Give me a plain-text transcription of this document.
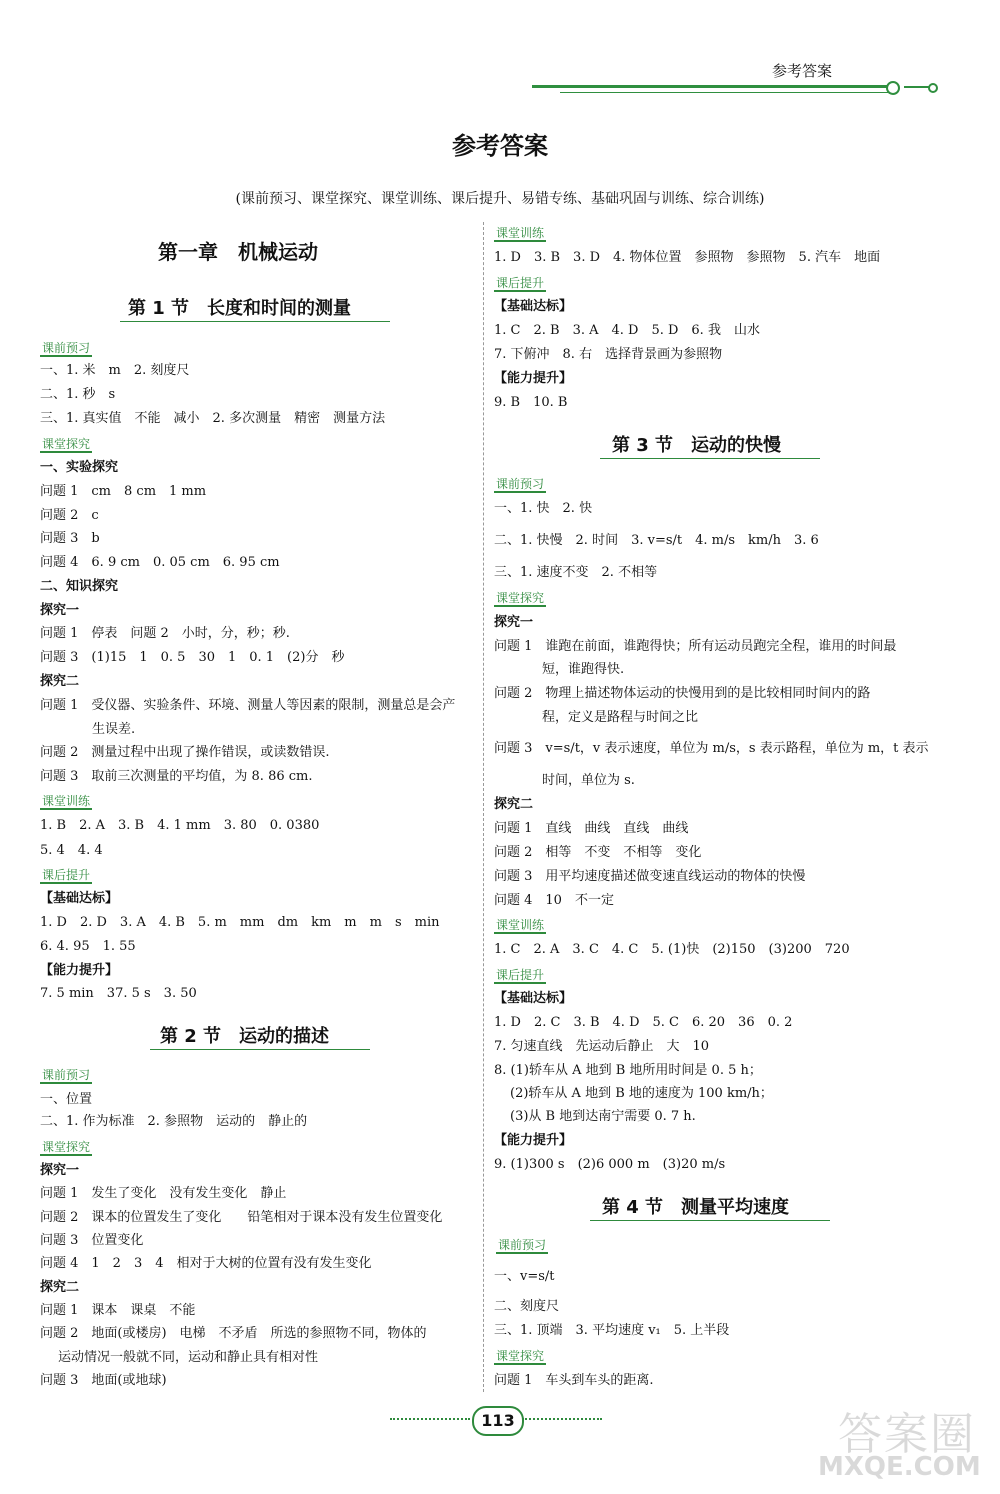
参考答案
参考答案
(课前预习、课堂探究、课堂训练、课后提升、易错专练、基础巩固与训练、综合训练)
第一章　机械运动
第 1 节　长度和时间的测量
课前预习
一、1. 米　m　2. 刻度尺
二、1. 秒　s
三、1. 真实值　不能　减小　2. 多次测量　精密　测量方法
课堂探究
一、实验探究
问题 1　cm　8 cm　1 mm
问题 2　c
问题 3　b
问题 4　6. 9 cm　0. 05 cm　6. 95 cm
二、知识探究
探究一
问题 1　停表　问题 2　小时，分，秒；秒.
问题 3　(1)15　1　0. 5　30　1　0. 1　(2)分　秒
探究二
问题 1　受仪器、实验条件、环境、测量人等因素的限制，测量总是会产
生误差.
问题 2　测量过程中出现了操作错误，或读数错误.
问题 3　取前三次测量的平均值，为 8. 86 cm.
课堂训练
1. B　2. A　3. B　4. 1 mm　3. 80　0. 0380
5. 4　4. 4
课后提升
【基础达标】
1. D　2. D　3. A　4. B　5. m　mm　dm　km　m　m　s　min
6. 4. 95　1. 55
【能力提升】
7. 5 min　37. 5 s　3. 50
第 2 节　运动的描述
课前预习
一、位置
二、1. 作为标准　2. 参照物　运动的　静止的
课堂探究
探究一
问题 1　发生了变化　没有发生变化　静止
问题 2　课本的位置发生了变化　　铅笔相对于课本没有发生位置变化
问题 3　位置变化
问题 4　1　2　3　4　相对于大树的位置有没有发生变化
探究二
问题 1　课本　课桌　不能
问题 2　地面(或楼房)　电梯　不矛盾　所选的参照物不同，物体的
运动情况一般就不同，运动和静止具有相对性
问题 3　地面(或地球)
课堂训练
1. D　3. B　3. D　4. 物体位置　参照物　参照物　5. 汽车　地面
课后提升
【基础达标】
1. C　2. B　3. A　4. D　5. D　6. 我　山水
7. 下俯冲　8. 右　选择背景画为参照物
【能力提升】
9. B　10. B
第 3 节　运动的快慢
课前预习
一、1. 快　2. 快
二、1. 快慢　2. 时间　3. v=s/t　4. m/s　km/h　3. 6
三、1. 速度不变　2. 不相等
课堂探究
探究一
问题 1　谁跑在前面，谁跑得快；所有运动员跑完全程，谁用的时间最
短，谁跑得快.
问题 2　物理上描述物体运动的快慢用到的是比较相同时间内的路
程，定义是路程与时间之比
问题 3　v=s/t，v 表示速度，单位为 m/s，s 表示路程，单位为 m，t 表示
时间，单位为 s.
探究二
问题 1　直线　曲线　直线　曲线
问题 2　相等　不变　不相等　变化
问题 3　用平均速度描述做变速直线运动的物体的快慢
问题 4　10　不一定
课堂训练
1. C　2. A　3. C　4. C　5. (1)快　(2)150　(3)200　720
课后提升
【基础达标】
1. D　2. C　3. B　4. D　5. C　6. 20　36　0. 2
7. 匀速直线　先运动后静止　大　10
8. (1)轿车从 A 地到 B 地所用时间是 0. 5 h；
(2)轿车从 A 地到 B 地的速度为 100 km/h；
(3)从 B 地到达南宁需要 0. 7 h.
【能力提升】
9. (1)300 s　(2)6 000 m　(3)20 m/s
第 4 节　测量平均速度
课前预习
一、v=s/t
二、刻度尺
三、1. 顶端　3. 平均速度 v₁　5. 上半段
课堂探究
问题 1　车头到车头的距离.
113	答案圈
MXQE.COM
